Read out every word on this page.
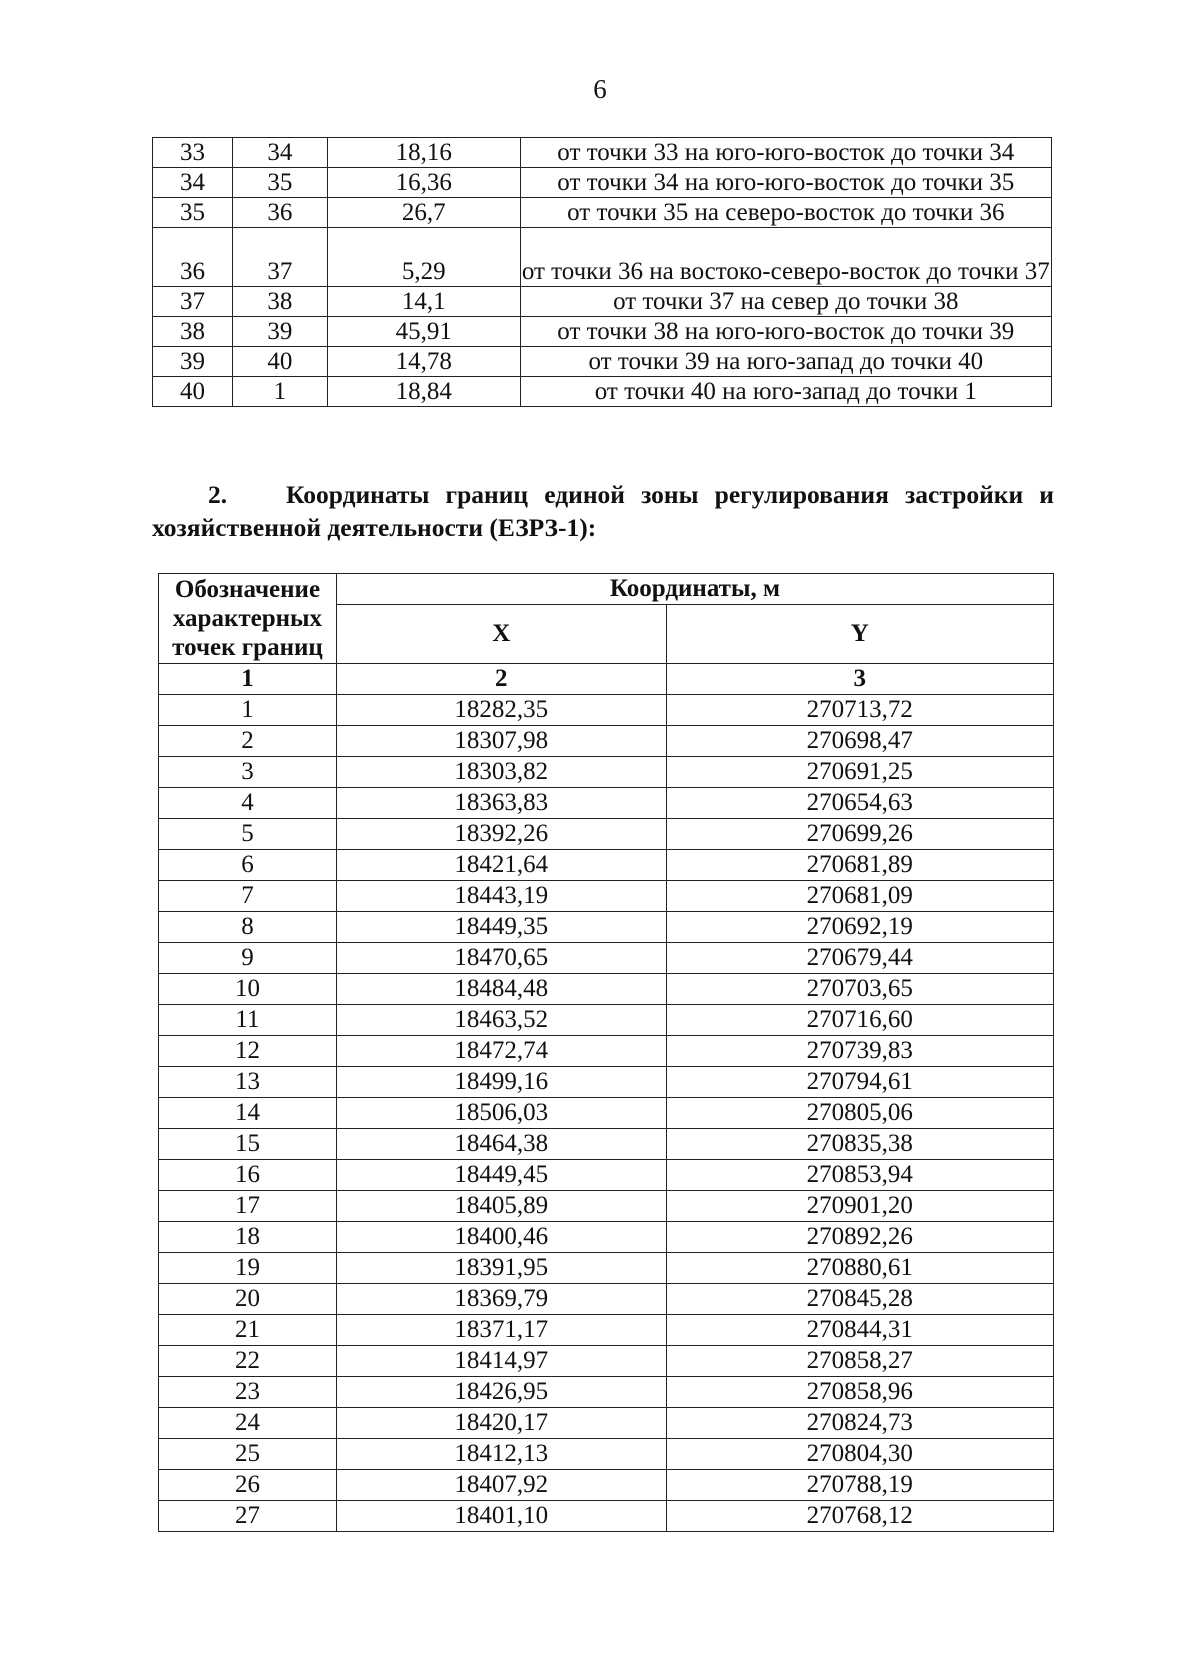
6
33	34	18,16	от точки 33 на юго-юго-восток до точки 34
34	35	16,36	от точки 34 на юго-юго-восток до точки 35
35	36	26,7	от точки 35 на северо-восток до точки 36
36	37	5,29	от точки 36 на востоко-северо-восток до точки 37
37	38	14,1	от точки 37 на север до точки 38
38	39	45,91	от точки 38 на юго-юго-восток до точки 39
39	40	14,78	от точки 39 на юго-запад до точки 40
40	1	18,84	от точки 40 на юго-запад до точки 1
2. Координаты границ единой зоны регулирования застройки и хозяйственной деятельности (ЕЗРЗ-1):
Обозначение характерных точек границ	Координаты, м	
	X	Y
1	2	3
1	18282,35	270713,72
2	18307,98	270698,47
3	18303,82	270691,25
4	18363,83	270654,63
5	18392,26	270699,26
6	18421,64	270681,89
7	18443,19	270681,09
8	18449,35	270692,19
9	18470,65	270679,44
10	18484,48	270703,65
11	18463,52	270716,60
12	18472,74	270739,83
13	18499,16	270794,61
14	18506,03	270805,06
15	18464,38	270835,38
16	18449,45	270853,94
17	18405,89	270901,20
18	18400,46	270892,26
19	18391,95	270880,61
20	18369,79	270845,28
21	18371,17	270844,31
22	18414,97	270858,27
23	18426,95	270858,96
24	18420,17	270824,73
25	18412,13	270804,30
26	18407,92	270788,19
27	18401,10	270768,12
